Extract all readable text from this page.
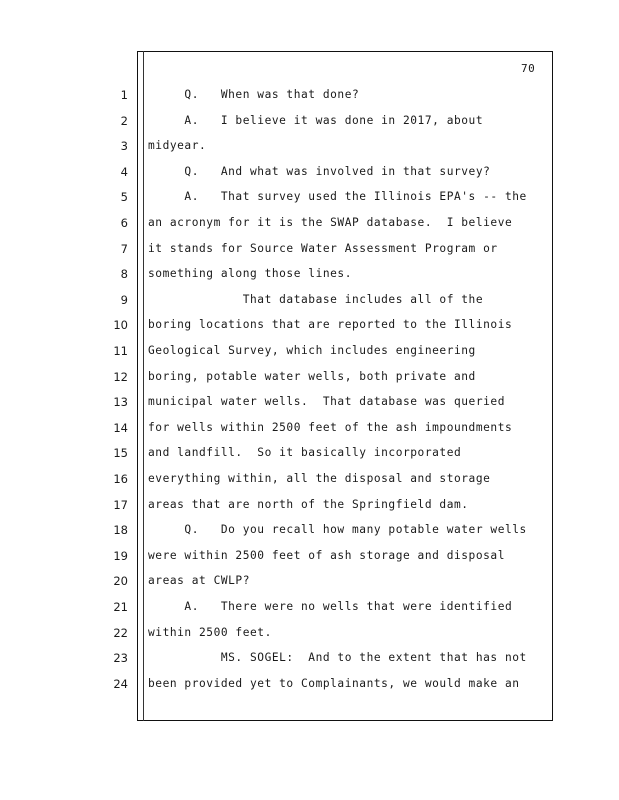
70
1
2
3
4
5
6
7
8
9
10
11
12
13
14
15
16
17
18
19
20
21
22
23
24
Q.   When was that done?
A.   I believe it was done in 2017, about
midyear.
Q.   And what was involved in that survey?
A.   That survey used the Illinois EPA's -- the
an acronym for it is the SWAP database.  I believe
it stands for Source Water Assessment Program or
something along those lines.
That database includes all of the
boring locations that are reported to the Illinois
Geological Survey, which includes engineering
boring, potable water wells, both private and
municipal water wells.  That database was queried
for wells within 2500 feet of the ash impoundments
and landfill.  So it basically incorporated
everything within, all the disposal and storage
areas that are north of the Springfield dam.
Q.   Do you recall how many potable water wells
were within 2500 feet of ash storage and disposal
areas at CWLP?
A.   There were no wells that were identified
within 2500 feet.
MS. SOGEL:  And to the extent that has not
been provided yet to Complainants, we would make an
